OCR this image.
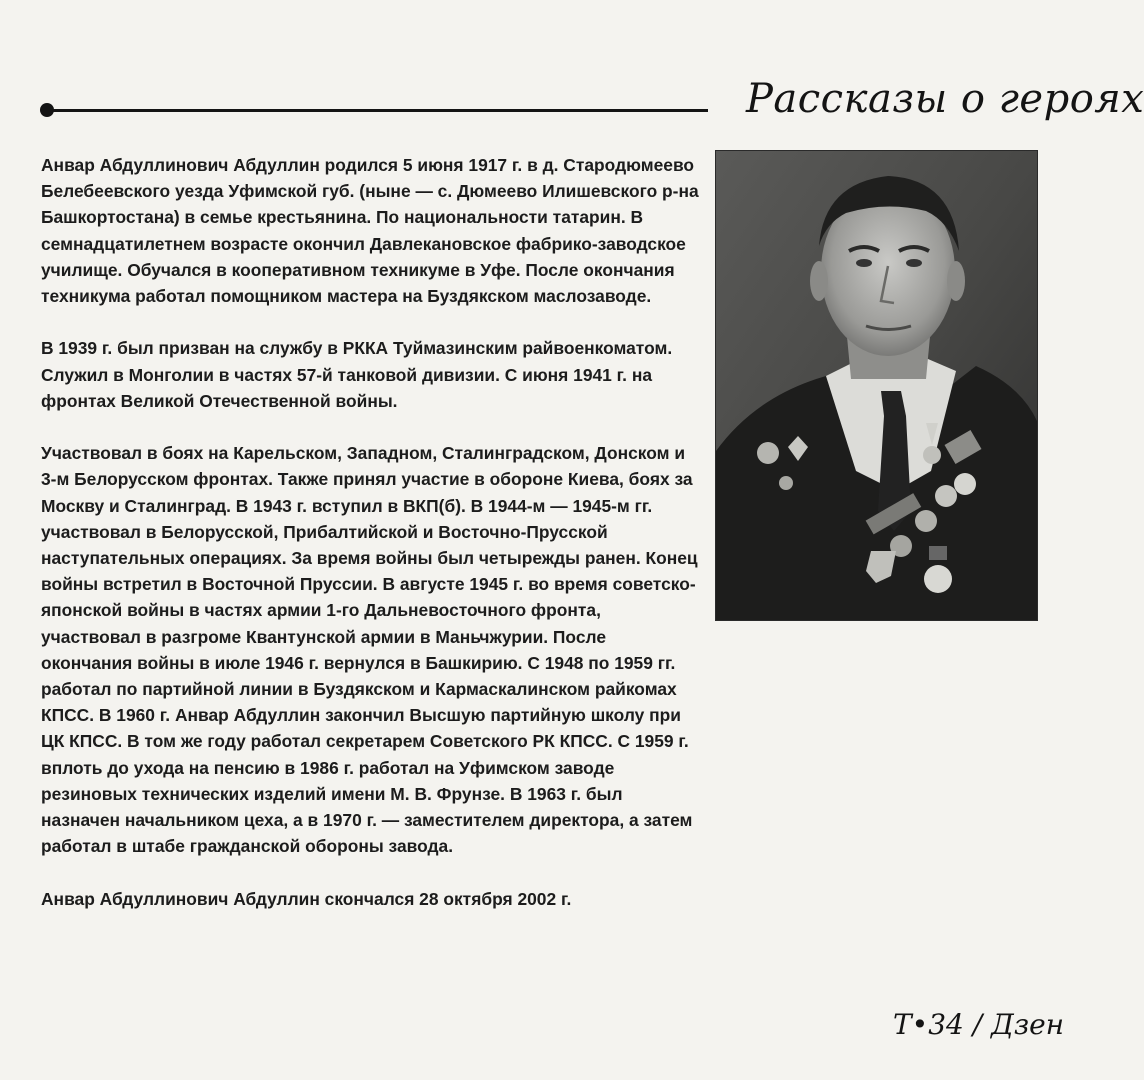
Рассказы о героях

Анвар Абдуллинович Абдуллин родился 5 июня 1917 г. в д. Стародюмеево Белебеевского уезда Уфимской губ. (ныне — с. Дюмеево Илишевского р-на Башкортостана) в семье крестьянина. По национальности татарин. В семнадцатилетнем возрасте окончил Давлекановское фабрико-заводское училище. Обучался в кооперативном техникуме в Уфе. После окончания техникума работал помощником мастера на Буздякском маслозаводе.

В 1939 г. был призван на службу в РККА Туймазинским райвоенкоматом. Служил в Монголии в частях 57-й танковой дивизии. С июня 1941 г. на фронтах Великой Отечественной войны.

Участвовал в боях на Карельском, Западном, Сталинградском, Донском и 3-м Белорусском фронтах. Также принял участие в обороне Киева, боях за Москву и Сталинград. В 1943 г. вступил в ВКП(б). В 1944-м — 1945-м гг. участвовал в Белорусской, Прибалтийской и Восточно-Прусской наступательных операциях. За время войны был четырежды ранен. Конец войны встретил в Восточной Пруссии. В августе 1945 г. во время советско-японской войны в частях армии 1-го Дальневосточного фронта, участвовал в разгроме Квантунской армии в Маньчжурии. После окончания войны в июле 1946 г. вернулся в Башкирию. С 1948 по 1959 гг. работал по партийной линии в Буздякском и Кармаскалинском райкомах КПСС. В 1960 г. Анвар Абдуллин закончил Высшую партийную школу при ЦК КПСС. В том же году работал секретарем Советского РК КПСС. С 1959 г. вплоть до ухода на пенсию в 1986 г. работал на Уфимском заводе резиновых технических изделий имени М. В. Фрунзе. В 1963 г. был назначен начальником цеха, а в 1970 г. — заместителем директора, а затем работал в штабе гражданской обороны завода.

Анвар Абдуллинович Абдуллин скончался 28 октября 2002 г.

Т•34 / Дзен
